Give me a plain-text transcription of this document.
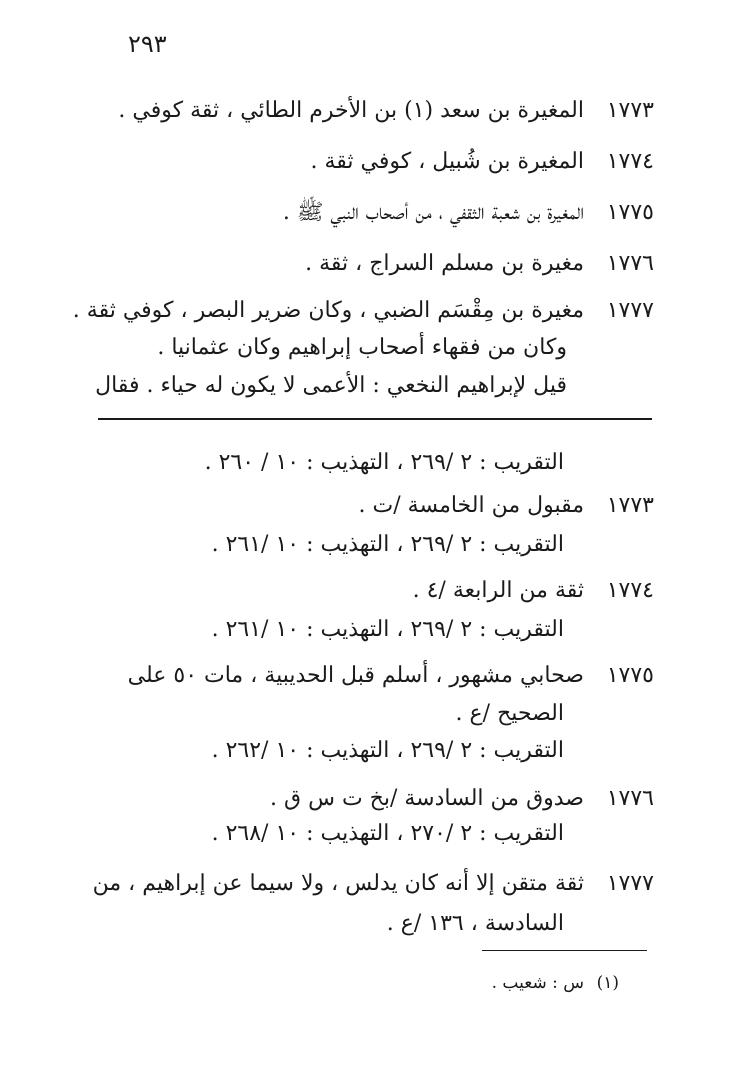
٢٩٣
١٧٧٣
المغيرة بن سعد (١) بن الأخرم الطائي ، ثقة كوفي .
١٧٧٤
المغيرة بن شُبيل ، كوفي ثقة .
١٧٧٥
المغيرة بن شعبة الثقفي ، من أصحاب النبي ﷺ .
١٧٧٦
مغيرة بن مسلم السراج ، ثقة .
١٧٧٧
مغيرة بن مِقْسَم الضبي ، وكان ضرير البصر ، كوفي ثقة .
وكان من فقهاء أصحاب إبراهيم وكان عثمانيا .
قيل لإبراهيم النخعي : الأعمى لا يكون له حياء . فقال
التقريب : ٢ /٢٦٩ ، التهذيب : ١٠ / ٢٦٠ .
١٧٧٣
مقبول من الخامسة /ت .
التقريب : ٢ /٢٦٩ ، التهذيب : ١٠ /٢٦١ .
١٧٧٤
ثقة من الرابعة /٤ .
التقريب : ٢ /٢٦٩ ، التهذيب : ١٠ /٢٦١ .
١٧٧٥
صحابي مشهور ، أسلم قبل الحديبية ، مات ٥٠ على
الصحيح /ع .
التقريب : ٢ /٢٦٩ ، التهذيب : ١٠ /٢٦٢ .
١٧٧٦
صدوق من السادسة /بخ ت س ق .
التقريب : ٢ /٢٧٠ ، التهذيب : ١٠ /٢٦٨ .
١٧٧٧
ثقة متقن إلا أنه كان يدلس ، ولا سيما عن إبراهيم ، من
السادسة ، ١٣٦ /ع .
(١)
س : شعيب .
